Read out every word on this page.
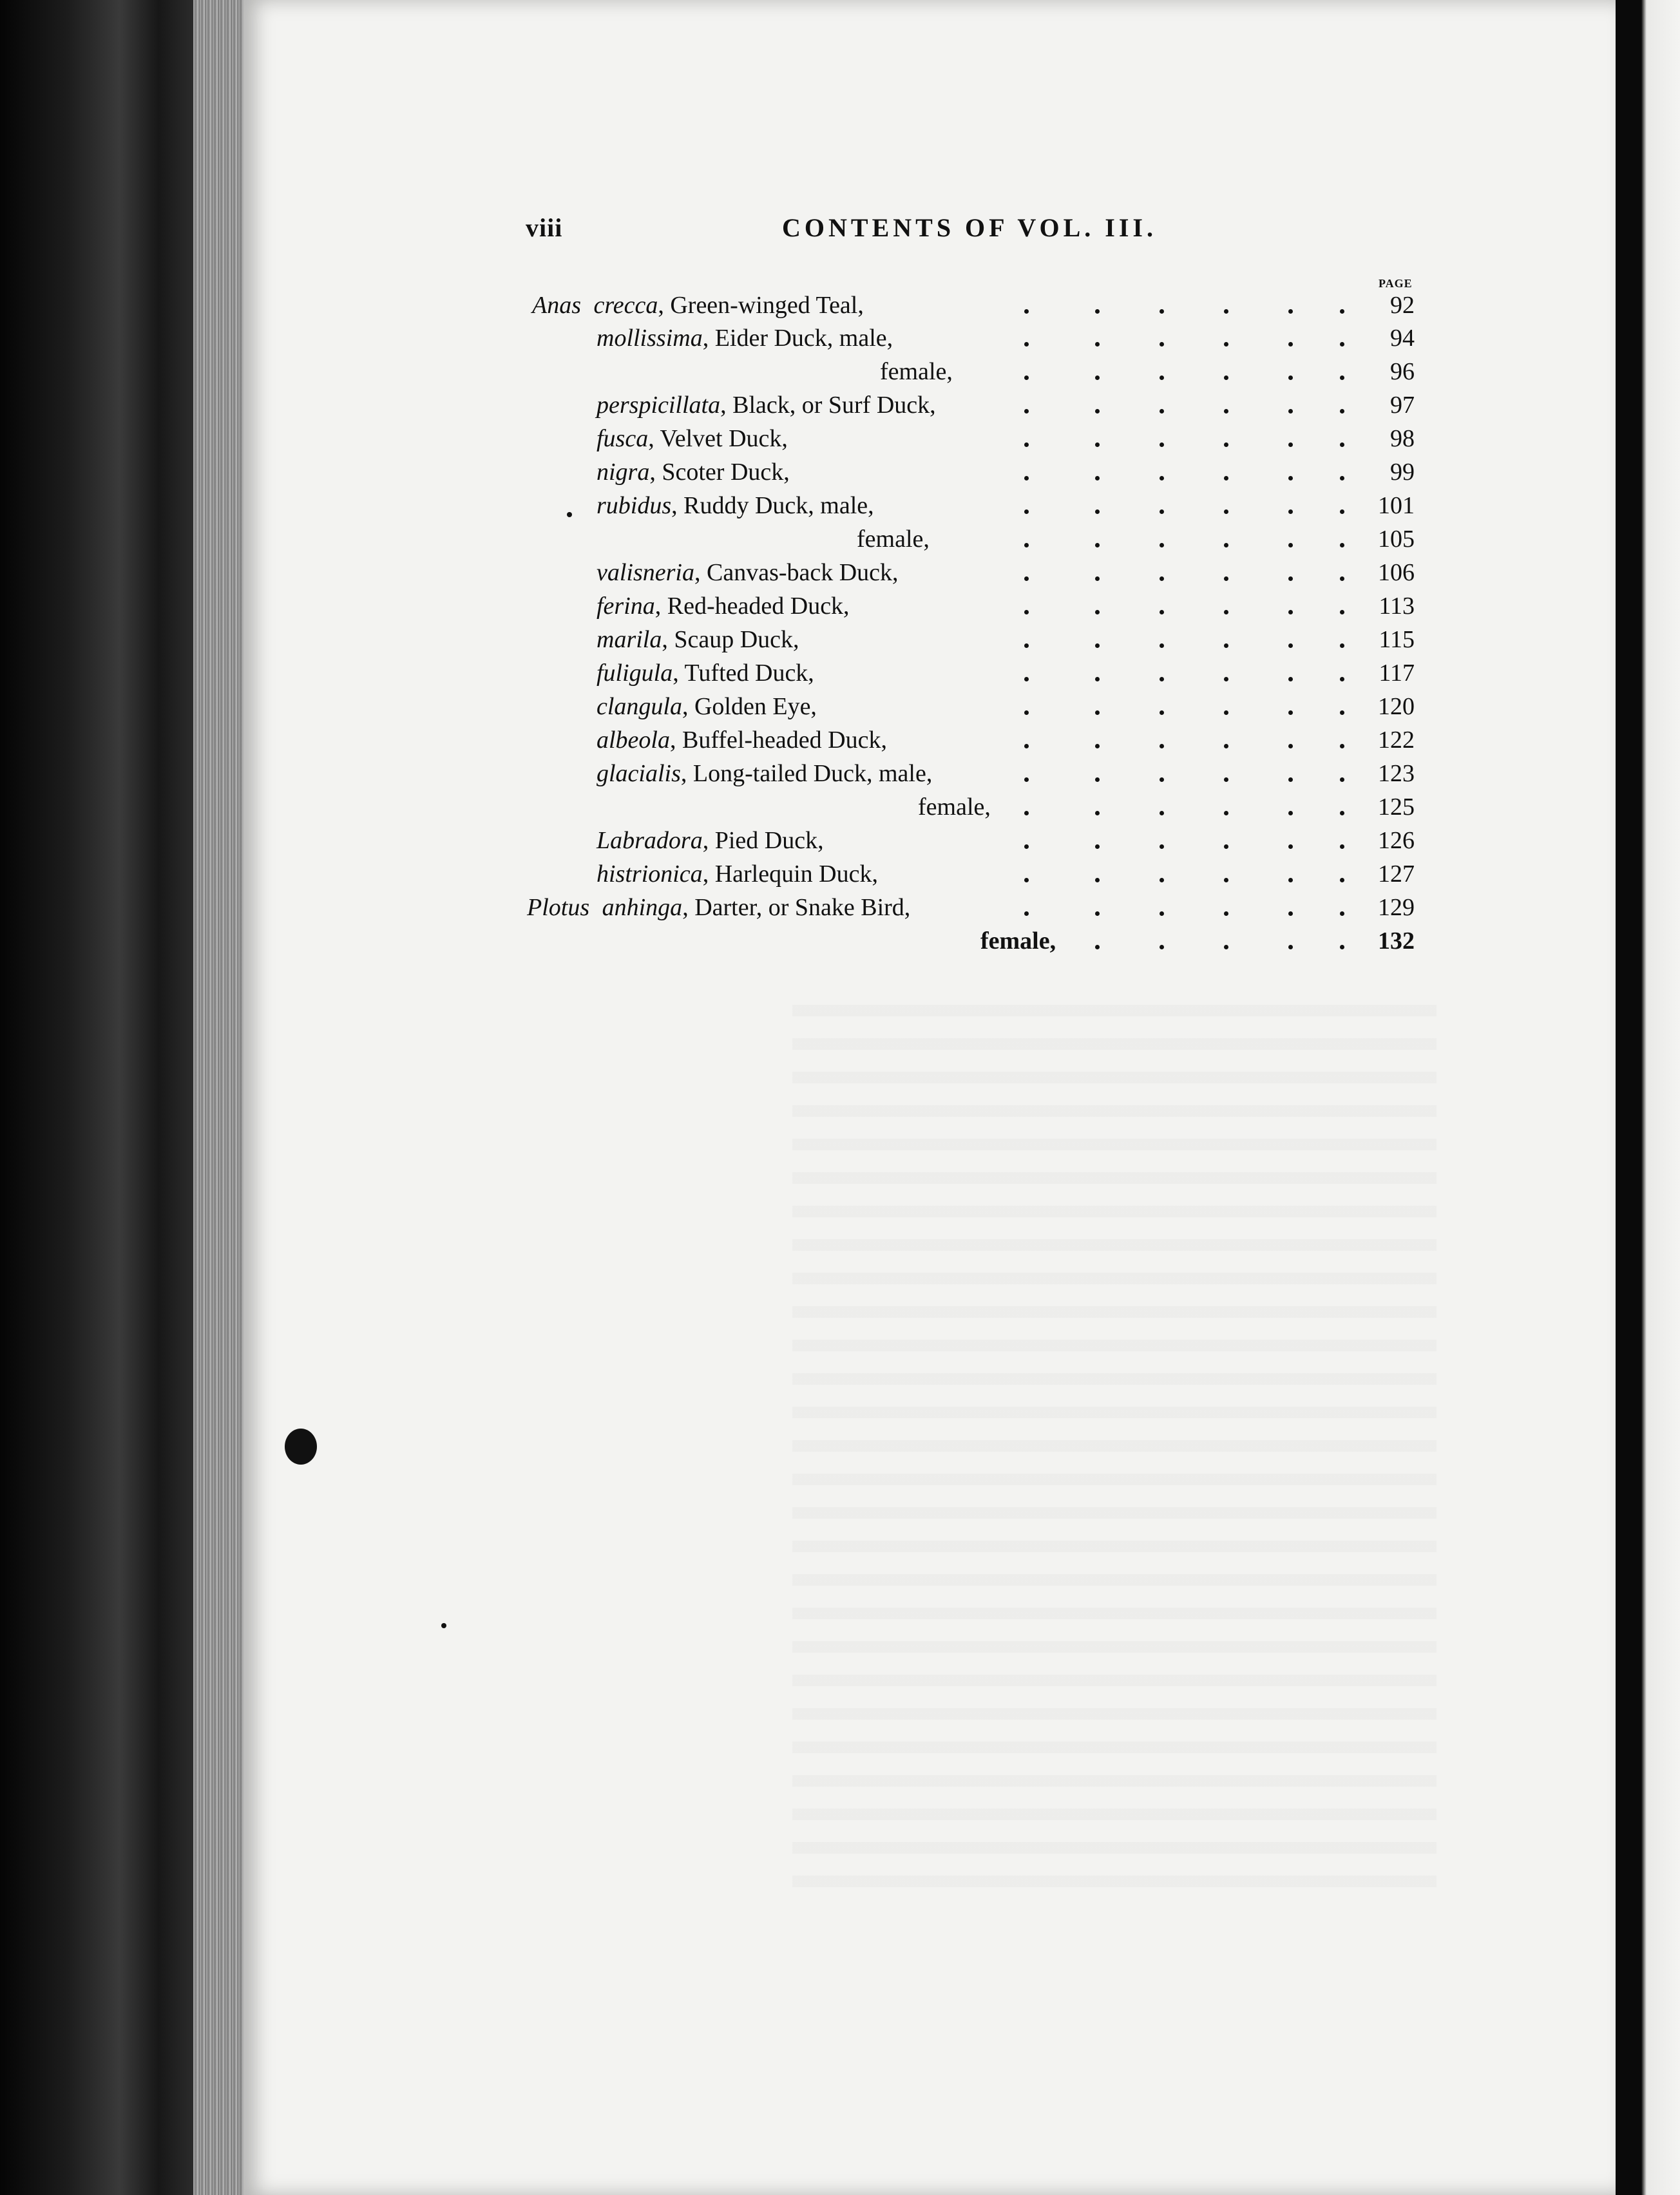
viii	CONTENTS OF VOL. III.
PAGE
Anas crecca, Green-winged Teal,	92
mollissima, Eider Duck, male,	94
female,	96
perspicillata, Black, or Surf Duck,	97
fusca, Velvet Duck,	98
nigra, Scoter Duck,	99
rubidus, Ruddy Duck, male,	101
female,	105
valisneria, Canvas-back Duck,	106
ferina, Red-headed Duck,	113
marila, Scaup Duck,	115
fuligula, Tufted Duck,	117
clangula, Golden Eye,	120
albeola, Buffel-headed Duck,	122
glacialis, Long-tailed Duck, male,	123
female,	125
Labradora, Pied Duck,	126
histrionica, Harlequin Duck,	127
Plotus anhinga, Darter, or Snake Bird,	129
female,	132
